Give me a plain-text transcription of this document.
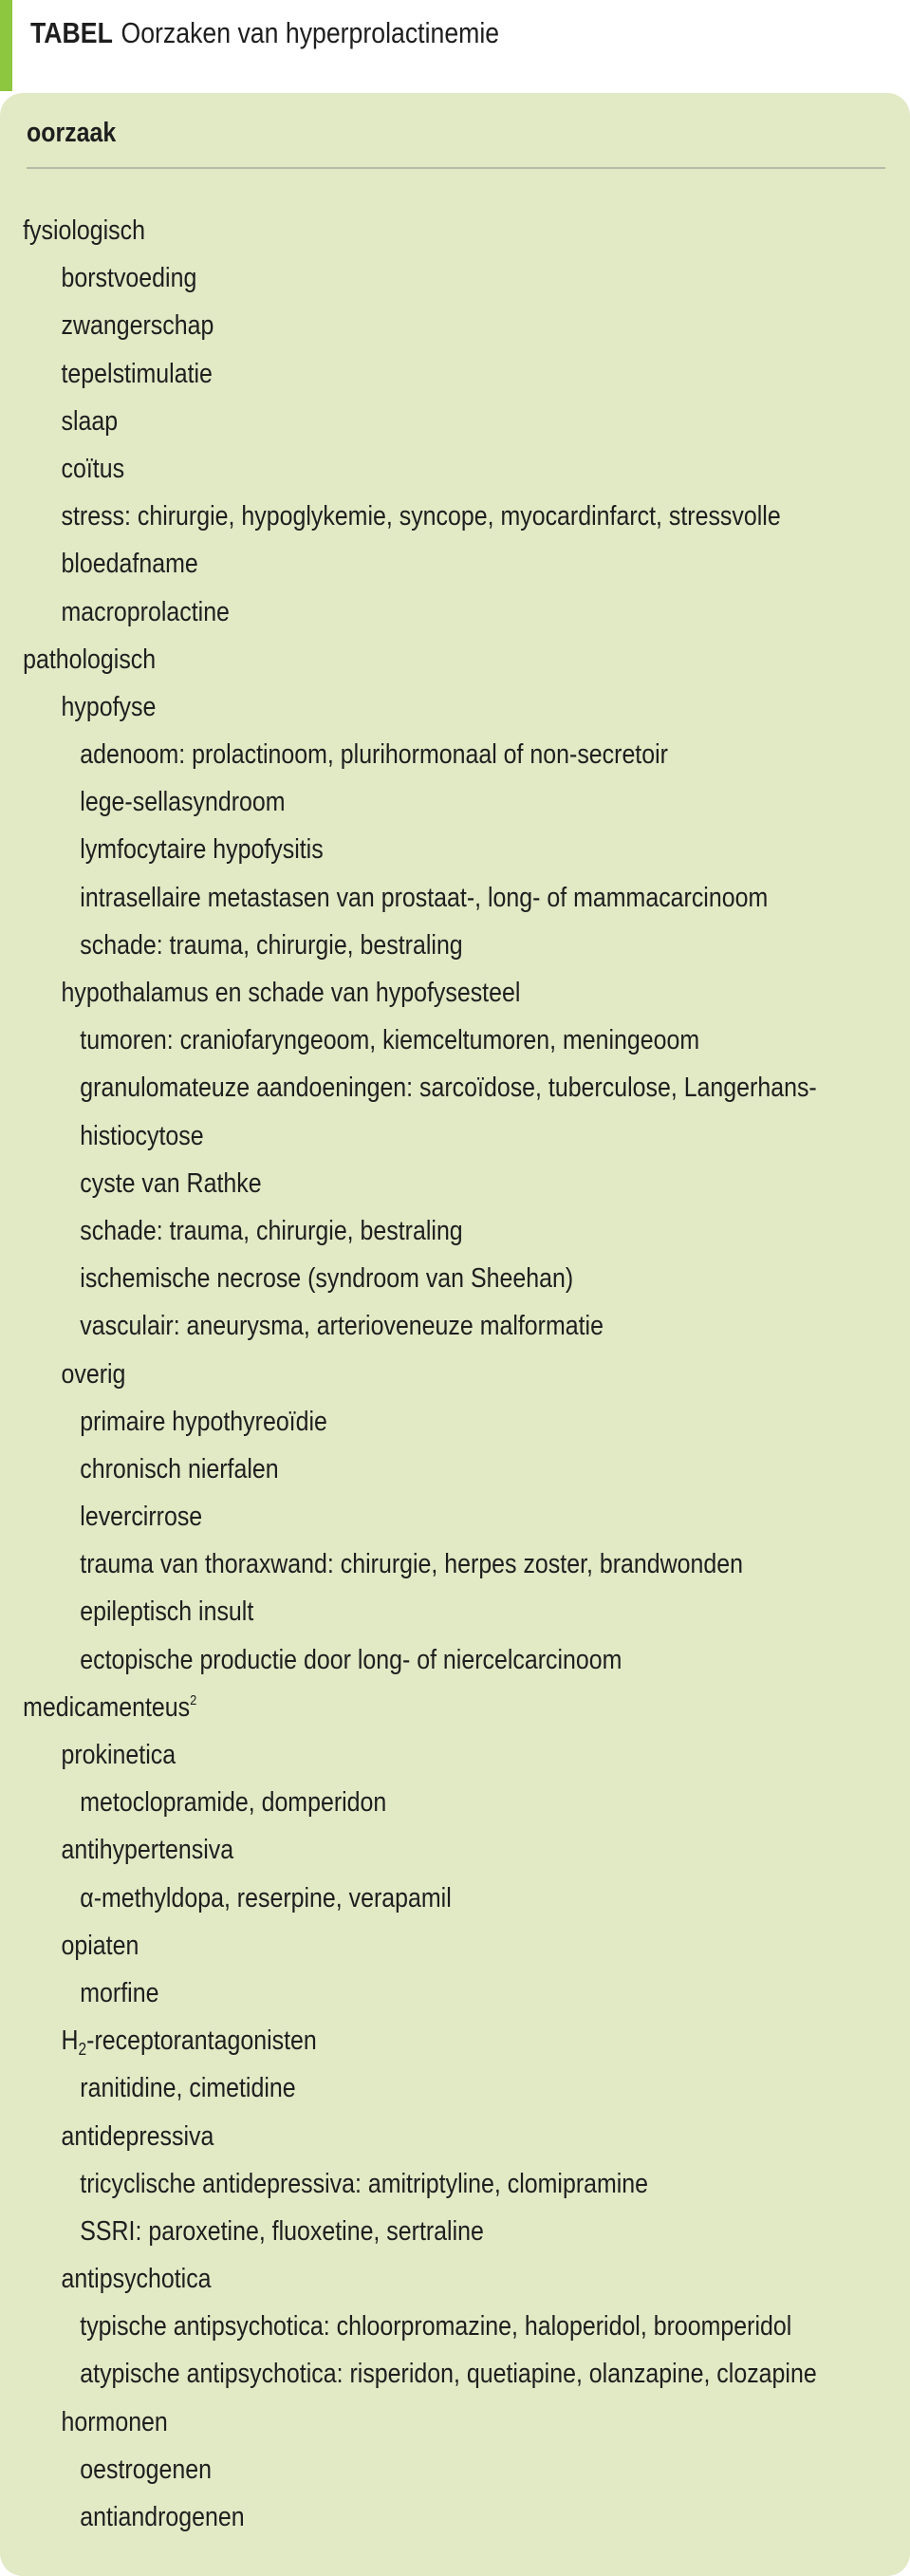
TABEL Oorzaken van hyperprolactinemie
oorzaak
fysiologisch
borstvoeding
zwangerschap
tepelstimulatie
slaap
coïtus
stress: chirurgie, hypoglykemie, syncope, myocardinfarct, stressvolle
bloedafname
macroprolactine
pathologisch
hypofyse
adenoom: prolactinoom, plurihormonaal of non-secretoir
lege-sellasyndroom
lymfocytaire hypofysitis
intrasellaire metastasen van prostaat-, long- of mammacarcinoom
schade: trauma, chirurgie, bestraling
hypothalamus en schade van hypofysesteel
tumoren: craniofaryngeoom, kiemceltumoren, meningeoom
granulomateuze aandoeningen: sarcoïdose, tuberculose, Langerhans-
histiocytose
cyste van Rathke
schade: trauma, chirurgie, bestraling
ischemische necrose (syndroom van Sheehan)
vasculair: aneurysma, arterioveneuze malformatie
overig
primaire hypothyreoïdie
chronisch nierfalen
levercirrose
trauma van thoraxwand: chirurgie, herpes zoster, brandwonden
epileptisch insult
ectopische productie door long- of niercelcarcinoom
medicamenteus$^2$
prokinetica
metoclopramide, domperidon
antihypertensiva
α-methyldopa, reserpine, verapamil
opiaten
morfine
$H_2$-receptorantagonisten
ranitidine, cimetidine
antidepressiva
tricyclische antidepressiva: amitriptyline, clomipramine
SSRI: paroxetine, fluoxetine, sertraline
antipsychotica
typische antipsychotica: chloorpromazine, haloperidol, broomperidol
atypische antipsychotica: risperidon, quetiapine, olanzapine, clozapine
hormonen
oestrogenen
antiandrogenen
